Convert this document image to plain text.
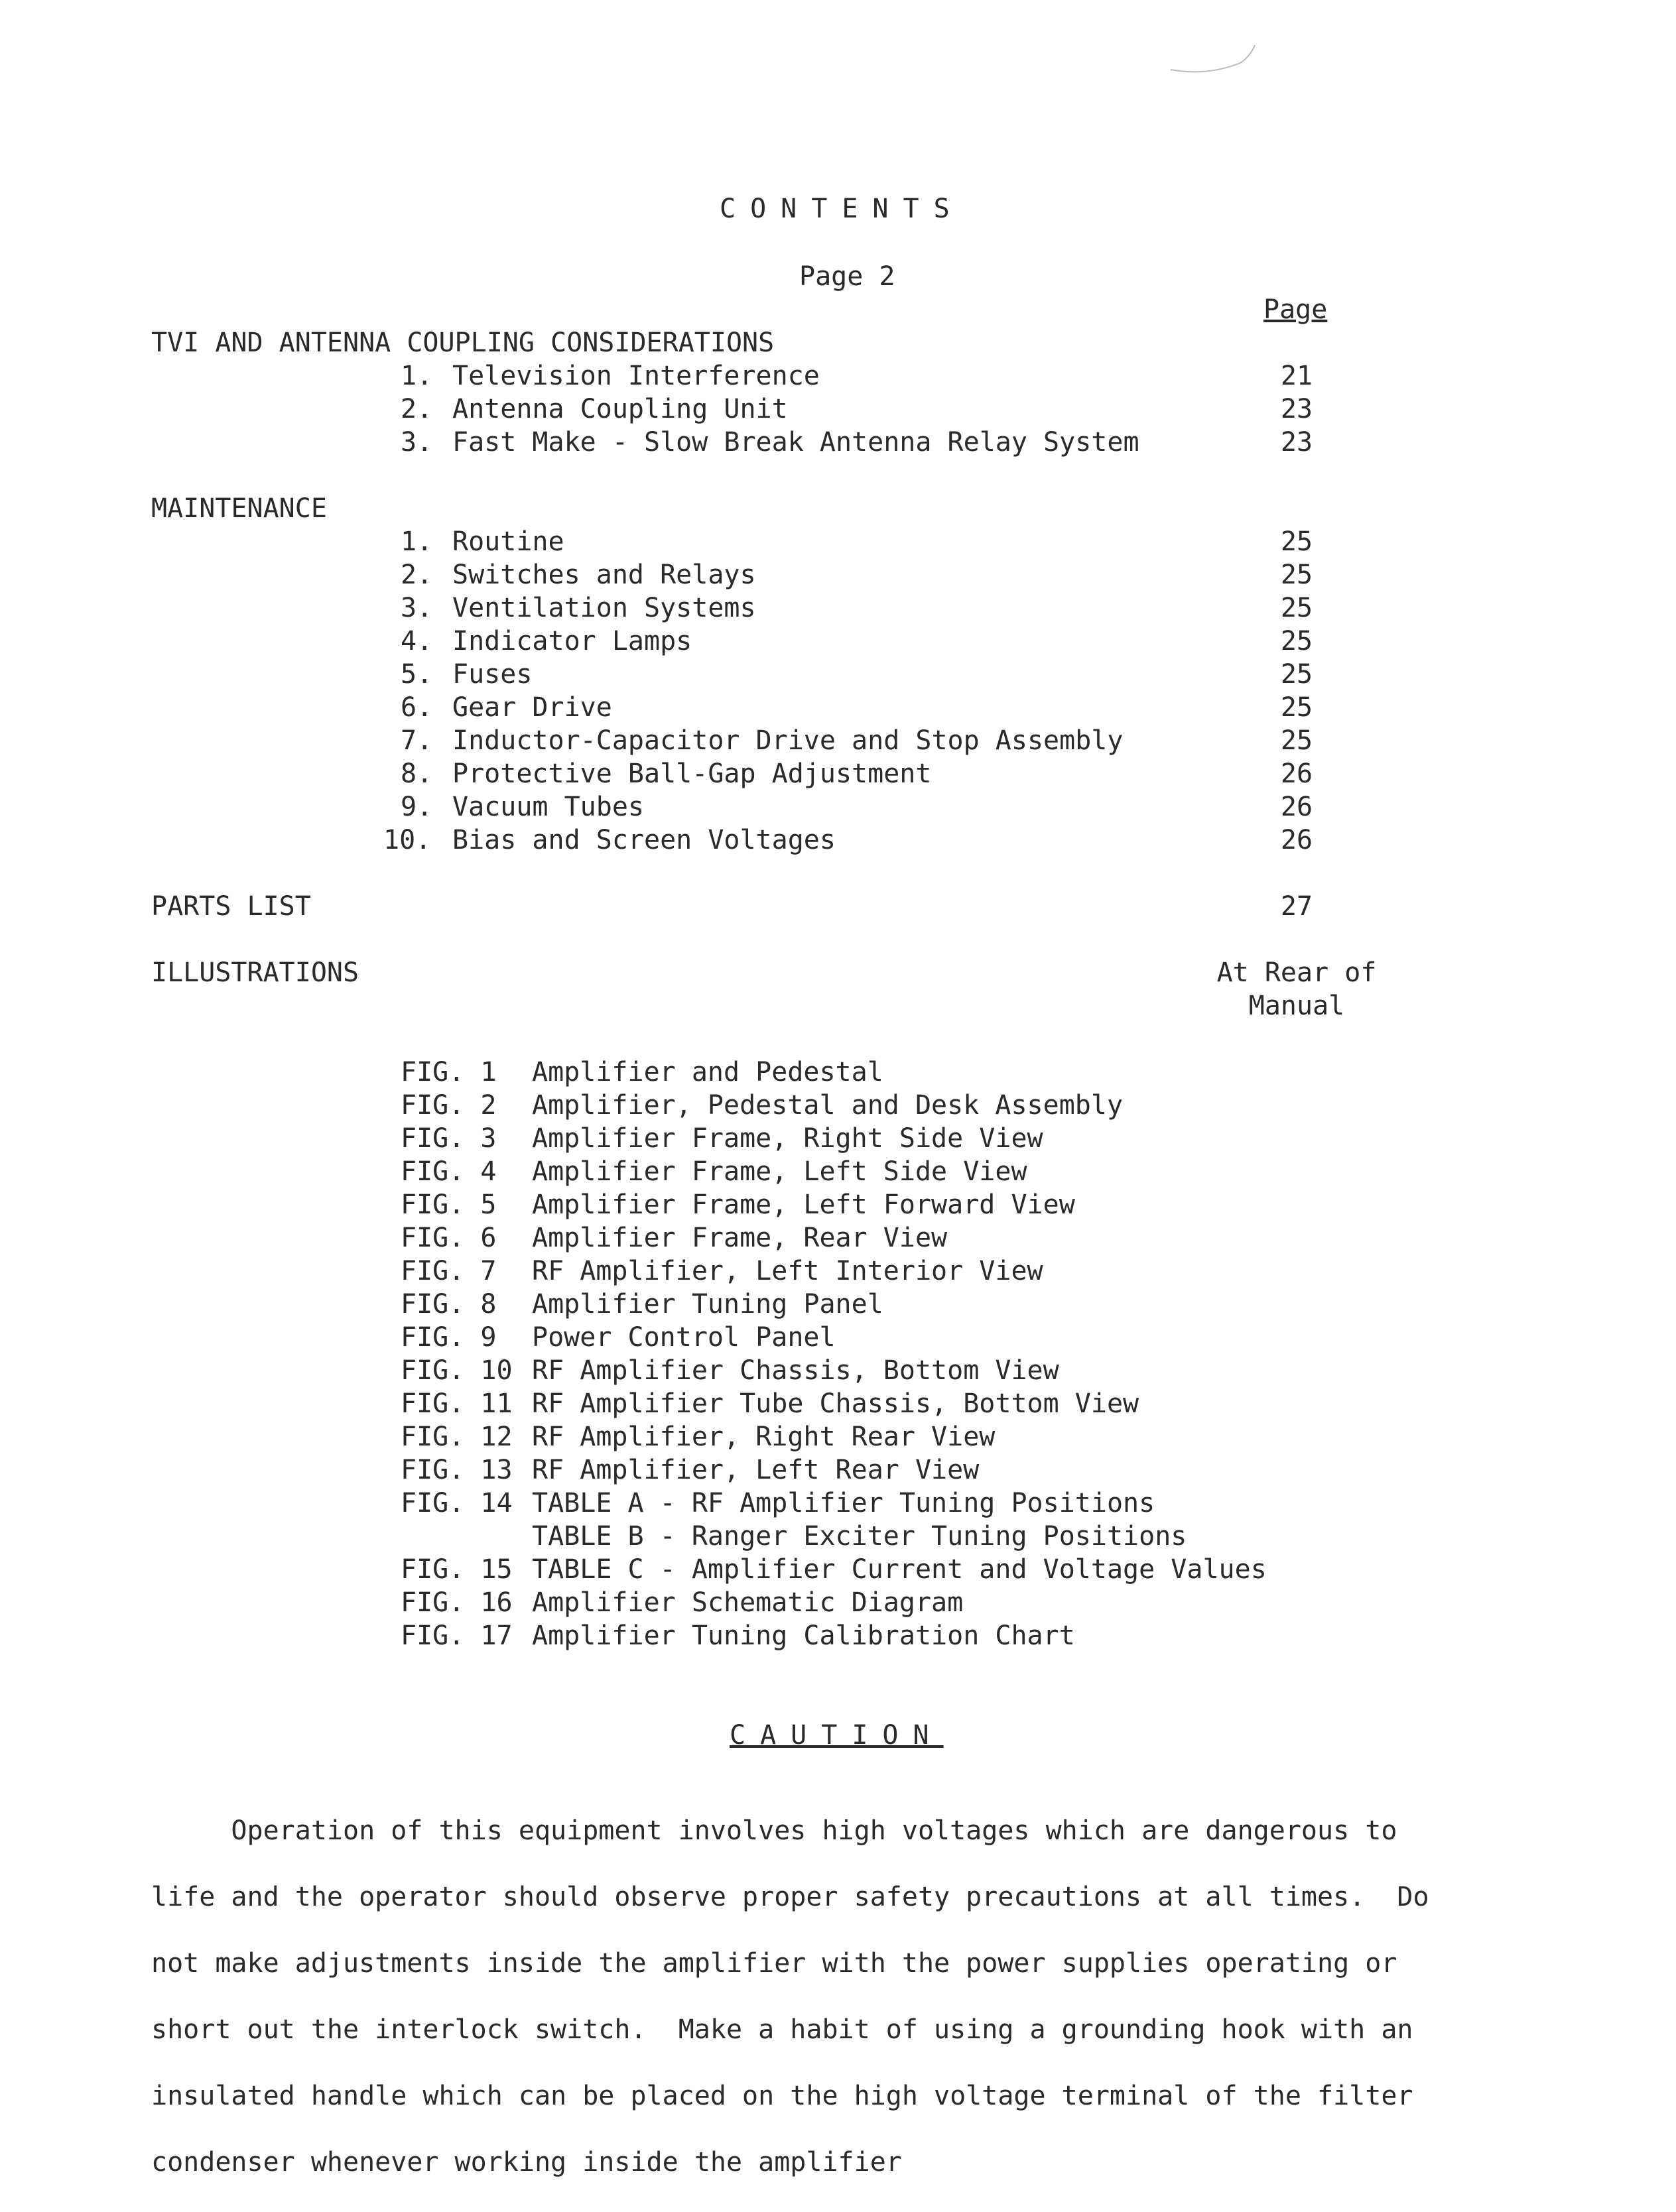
CONTENTS
Page 2
Page
TVI AND ANTENNA COUPLING CONSIDERATIONS
1. Television Interference	21
2. Antenna Coupling Unit	23
3. Fast Make - Slow Break Antenna Relay System	23
MAINTENANCE
1. Routine	25
2. Switches and Relays	25
3. Ventilation Systems	25
4. Indicator Lamps	25
5. Fuses	25
6. Gear Drive	25
7. Inductor-Capacitor Drive and Stop Assembly	25
8. Protective Ball-Gap Adjustment	26
9. Vacuum Tubes	26
10. Bias and Screen Voltages	26
PARTS LIST	27
ILLUSTRATIONS	At Rear of
Manual
FIG. 1 Amplifier and Pedestal
FIG. 2 Amplifier, Pedestal and Desk Assembly
FIG. 3 Amplifier Frame, Right Side View
FIG. 4 Amplifier Frame, Left Side View
FIG. 5 Amplifier Frame, Left Forward View
FIG. 6 Amplifier Frame, Rear View
FIG. 7 RF Amplifier, Left Interior View
FIG. 8 Amplifier Tuning Panel
FIG. 9 Power Control Panel
FIG. 10 RF Amplifier Chassis, Bottom View
FIG. 11 RF Amplifier Tube Chassis, Bottom View
FIG. 12 RF Amplifier, Right Rear View
FIG. 13 RF Amplifier, Left Rear View
FIG. 14 TABLE A - RF Amplifier Tuning Positions
TABLE B - Ranger Exciter Tuning Positions
FIG. 15 TABLE C - Amplifier Current and Voltage Values
FIG. 16 Amplifier Schematic Diagram
FIG. 17 Amplifier Tuning Calibration Chart
CAUTION

Operation of this equipment involves high voltages which are dangerous to

life and the operator should observe proper safety precautions at all times.  Do

not make adjustments inside the amplifier with the power supplies operating or

short out the interlock switch.  Make a habit of using a grounding hook with an

insulated handle which can be placed on the high voltage terminal of the filter

condenser whenever working inside the amplifier
